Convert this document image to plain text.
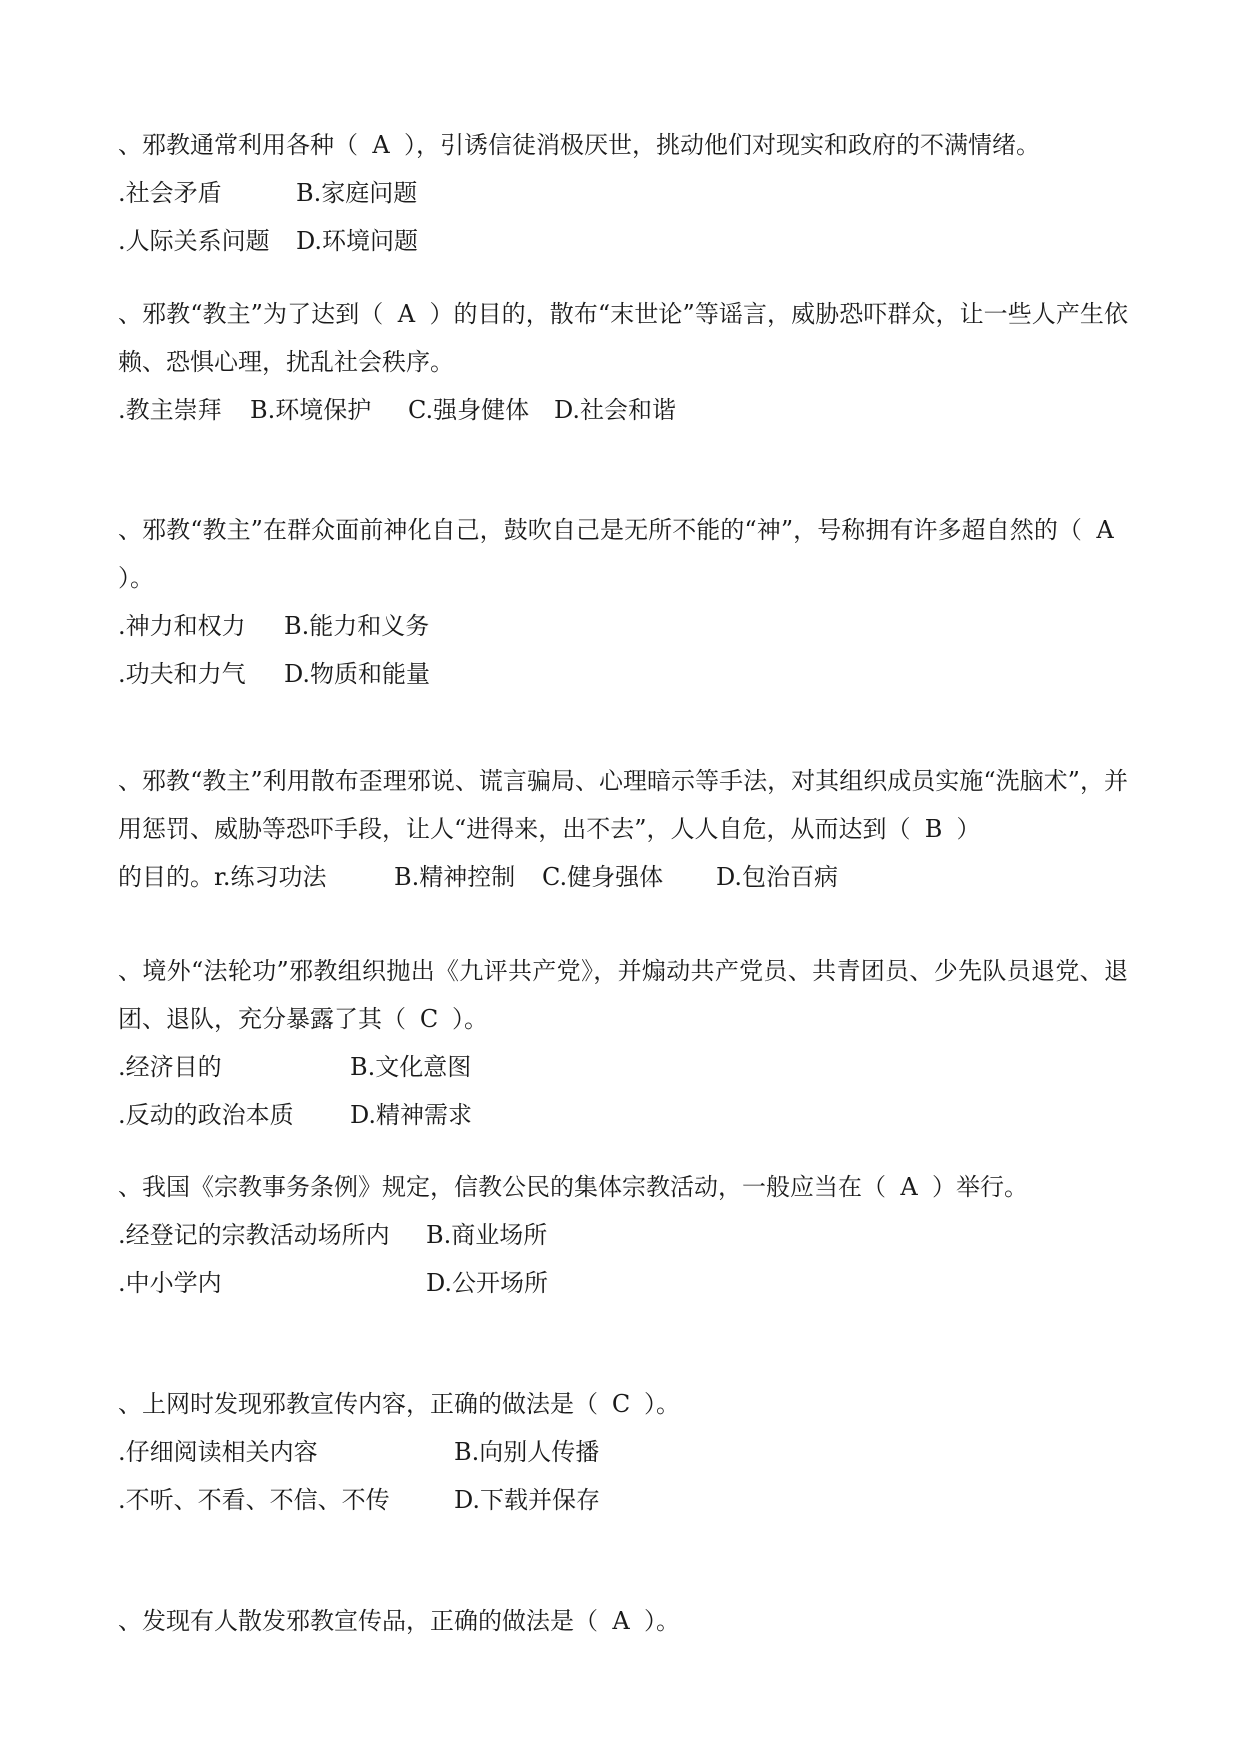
、邪教通常利用各种（ A ），引诱信徒消极厌世，挑动他们对现实和政府的不满情绪。

.社会矛盾	B.家庭问题
.人际关系问题 D.环境问题

、邪教“教主”为了达到（ A ）的目的，散布“末世论”等谣言，威胁恐吓群众，让一些人产生依赖、恐惧心理，扰乱社会秩序。

.教主崇拜 B.环境保护 C.强身健体 D.社会和谐

、邪教“教主”在群众面前神化自己，鼓吹自己是无所不能的“神”，号称拥有许多超自然的（ A）。

.神力和权力 B.能力和义务
.功夫和力气 D.物质和能量

、邪教“教主”利用散布歪理邪说、谎言骗局、心理暗示等手法，对其组织成员实施“洗脑术”，并用惩罚、威胁等恐吓手段，让人“进得来，出不去”，人人自危，从而达到（ B ）

的目的。r.练习功法	B.精神控制 C.健身强体 D.包治百病

、境外“法轮功”邪教组织抛出《九评共产党》，并煽动共产党员、共青团员、少先队员退党、退团、退队，充分暴露了其（ C ）。

.经济目的	B.文化意图
.反动的政治本质 D.精神需求

、我国《宗教事务条例》规定，信教公民的集体宗教活动，一般应当在（ A ）举行。

.经登记的宗教活动场所内 B.商业场所
.中小学内	D.公开场所

、上网时发现邪教宣传内容，正确的做法是（ C ）。

.仔细阅读相关内容	B.向别人传播
.不听、不看、不信、不传	D.下载并保存

、发现有人散发邪教宣传品，正确的做法是（ A ）。
